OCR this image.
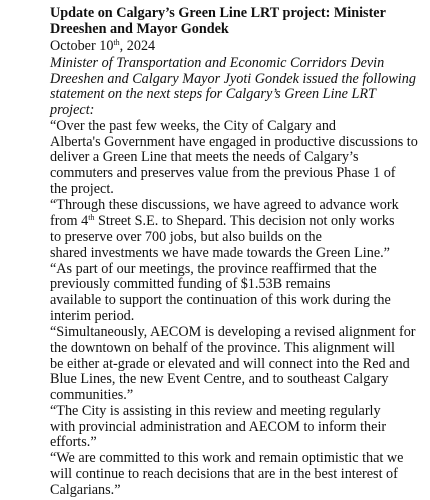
Update on Calgary’s Green Line LRT project: Minister
Dreeshen and Mayor Gondek
October 10th, 2024
Minister of Transportation and Economic Corridors Devin
Dreeshen and Calgary Mayor Jyoti Gondek issued the following
statement on the next steps for Calgary’s Green Line LRT
project:
“Over the past few weeks, the City of Calgary and
Alberta's Government have engaged in productive discussions to
deliver a Green Line that meets the needs of Calgary’s
commuters and preserves value from the previous Phase 1 of
the project.
“Through these discussions, we have agreed to advance work
from 4th Street S.E. to Shepard. This decision not only works
to preserve over 700 jobs, but also builds on the
shared investments we have made towards the Green Line.”
“As part of our meetings, the province reaffirmed that the
previously committed funding of $1.53B remains
available to support the continuation of this work during the
interim period.
“Simultaneously, AECOM is developing a revised alignment for
the downtown on behalf of the province. This alignment will
be either at-grade or elevated and will connect into the Red and
Blue Lines, the new Event Centre, and to southeast Calgary
communities.”
“The City is assisting in this review and meeting regularly
with provincial administration and AECOM to inform their
efforts.”
“We are committed to this work and remain optimistic that we
will continue to reach decisions that are in the best interest of
Calgarians.”
